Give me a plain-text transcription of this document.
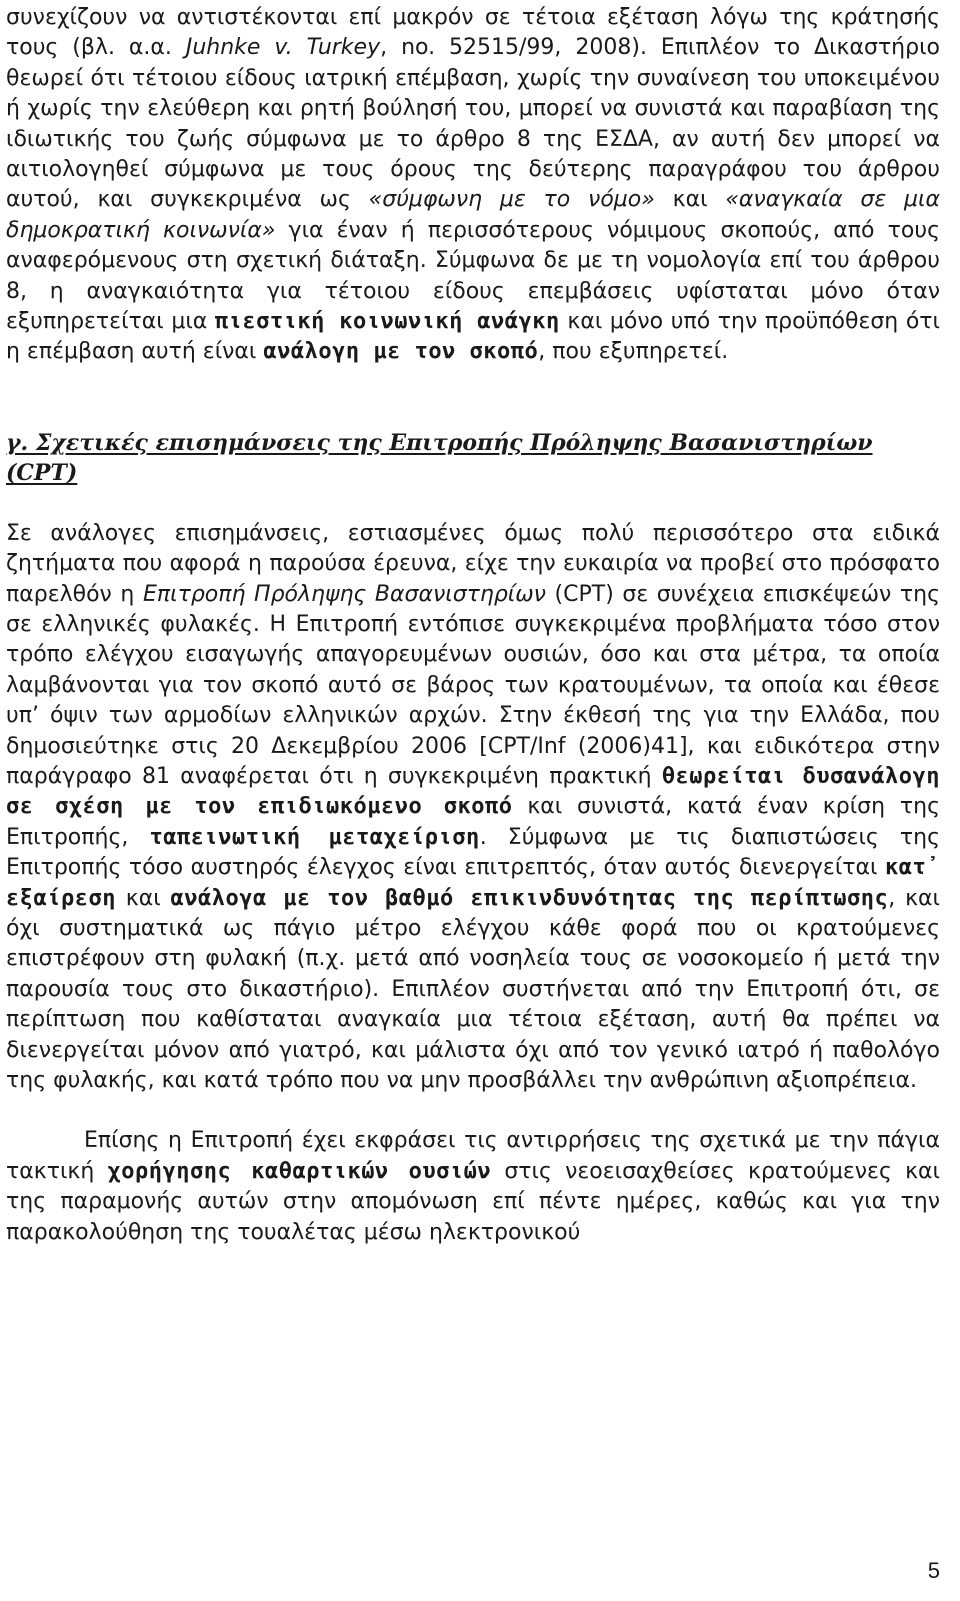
συνεχίζουν να αντιστέκονται επί μακρόν σε τέτοια εξέταση λόγω της κράτησής τους (βλ. α.α. Juhnke v. Turkey, no. 52515/99, 2008). Επιπλέον το Δικαστήριο θεωρεί ότι τέτοιου είδους ιατρική επέμβαση, χωρίς την συναίνεση του υποκειμένου ή χωρίς την ελεύθερη και ρητή βούλησή του, μπορεί να συνιστά και παραβίαση της ιδιωτικής του ζωής σύμφωνα με το άρθρο 8 της ΕΣΔΑ, αν αυτή δεν μπορεί να αιτιολογηθεί σύμφωνα με τους όρους της δεύτερης παραγράφου του άρθρου αυτού, και συγκεκριμένα ως «σύμφωνη με το νόμο» και «αναγκαία σε μια δημοκρατική κοινωνία» για έναν ή περισσότερους νόμιμους σκοπούς, από τους αναφερόμενους στη σχετική διάταξη. Σύμφωνα δε με τη νομολογία επί του άρθρου 8, η αναγκαιότητα για τέτοιου είδους επεμβάσεις υφίσταται μόνο όταν εξυπηρετείται μια πιεστική κοινωνική ανάγκη και μόνο υπό την προϋπόθεση ότι η επέμβαση αυτή είναι ανάλογη με τον σκοπό, που εξυπηρετεί.

γ. Σχετικές επισημάνσεις της Επιτροπής Πρόληψης Βασανιστηρίων (CPT)

Σε ανάλογες επισημάνσεις, εστιασμένες όμως πολύ περισσότερο στα ειδικά ζητήματα που αφορά η παρούσα έρευνα, είχε την ευκαιρία να προβεί στο πρόσφατο παρελθόν η Επιτροπή Πρόληψης Βασανιστηρίων (CPT) σε συνέχεια επισκέψεών της σε ελληνικές φυλακές. Η Επιτροπή εντόπισε συγκεκριμένα προβλήματα τόσο στον τρόπο ελέγχου εισαγωγής απαγορευμένων ουσιών, όσο και στα μέτρα, τα οποία λαμβάνονται για τον σκοπό αυτό σε βάρος των κρατουμένων, τα οποία και έθεσε υπ’ όψιν των αρμοδίων ελληνικών αρχών. Στην έκθεσή της για την Ελλάδα, που δημοσιεύτηκε στις 20 Δεκεμβρίου 2006 [CPT/Inf (2006)41], και ειδικότερα στην παράγραφο 81 αναφέρεται ότι η συγκεκριμένη πρακτική θεωρείται δυσανάλογη σε σχέση με τον επιδιωκόμενο σκοπό και συνιστά, κατά έναν κρίση της Επιτροπής, ταπεινωτική μεταχείριση. Σύμφωνα με τις διαπιστώσεις της Επιτροπής τόσο αυστηρός έλεγχος είναι επιτρεπτός, όταν αυτός διενεργείται κατ᾽ εξαίρεση και ανάλογα με τον βαθμό επικινδυνότητας της περίπτωσης, και όχι συστηματικά ως πάγιο μέτρο ελέγχου κάθε φορά που οι κρατούμενες επιστρέφουν στη φυλακή (π.χ. μετά από νοσηλεία τους σε νοσοκομείο ή μετά την παρουσία τους στο δικαστήριο). Επιπλέον συστήνεται από την Επιτροπή ότι, σε περίπτωση που καθίσταται αναγκαία μια τέτοια εξέταση, αυτή θα πρέπει να διενεργείται μόνον από γιατρό, και μάλιστα όχι από τον γενικό ιατρό ή παθολόγο της φυλακής, και κατά τρόπο που να μην προσβάλλει την ανθρώπινη αξιοπρέπεια.

Επίσης η Επιτροπή έχει εκφράσει τις αντιρρήσεις της σχετικά με την πάγια τακτική χορήγησης καθαρτικών ουσιών στις νεοεισαχθείσες κρατούμενες και της παραμονής αυτών στην απομόνωση επί πέντε ημέρες, καθώς και για την παρακολούθηση της τουαλέτας μέσω ηλεκτρονικού

5
